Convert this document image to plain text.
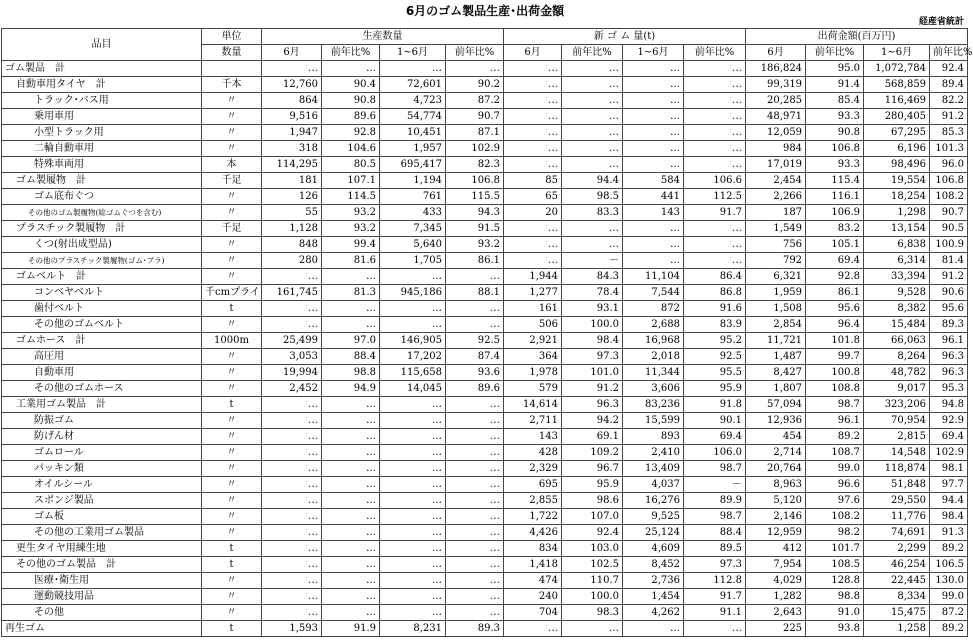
6月のゴム製品生産･出荷金額
経産省統計
品目	単位	生産数量				新 ゴ ム 量(t)				出荷金額(百万円)			
	数量	6月	前年比%	1~6月	前年比%	6月	前年比%	1~6月	前年比%	6月	前年比%	1~6月	前年比%
ゴム製品　計		…	…	…	…	…	…	…	…	186,824	95.0	1,072,784	92.4
自動車用タイヤ　計	千本	12,760	90.4	72,601	90.2	…	…	…	…	99,319	91.4	568,859	89.4
トラック･バス用	〃	864	90.8	4,723	87.2	…	…	…	…	20,285	85.4	116,469	82.2
乗用車用	〃	9,516	89.6	54,774	90.7	…	…	…	…	48,971	93.3	280,405	91.2
小型トラック用	〃	1,947	92.8	10,451	87.1	…	…	…	…	12,059	90.8	67,295	85.3
二輪自動車用	〃	318	104.6	1,957	102.9	…	…	…	…	984	106.8	6,196	101.3
特殊車両用	本	114,295	80.5	695,417	82.3	…	…	…	…	17,019	93.3	98,496	96.0
ゴム製履物　計	千足	181	107.1	1,194	106.8	85	94.4	584	106.6	2,454	115.4	19,554	106.8
ゴム底布ぐつ	〃	126	114.5	761	115.5	65	98.5	441	112.5	2,266	116.1	18,254	108.2
その他のゴム製履物(総ゴムぐつを含む)	〃	55	93.2	433	94.3	20	83.3	143	91.7	187	106.9	1,298	90.7
プラスチック製履物　計	千足	1,128	93.2	7,345	91.5	…	…	…	…	1,549	83.2	13,154	90.5
くつ(射出成型品)	〃	848	99.4	5,640	93.2	…	…	…	…	756	105.1	6,838	100.9
その他のプラスチック製履物(ゴム･プラ)	〃	280	81.6	1,705	86.1	…	－	…	…	792	69.4	6,314	81.4
ゴムベルト　計	〃	…	…	…	…	1,944	84.3	11,104	86.4	6,321	92.8	33,394	91.2
コンベヤベルト	千cmプライ	161,745	81.3	945,186	88.1	1,277	78.4	7,544	86.8	1,959	86.1	9,528	90.6
歯付ベルト	t	…	…	…	…	161	93.1	872	91.6	1,508	95.6	8,382	95.6
その他のゴムベルト	〃	…	…	…	…	506	100.0	2,688	83.9	2,854	96.4	15,484	89.3
ゴムホース　計	1000m	25,499	97.0	146,905	92.5	2,921	98.4	16,968	95.2	11,721	101.8	66,063	96.1
高圧用	〃	3,053	88.4	17,202	87.4	364	97.3	2,018	92.5	1,487	99.7	8,264	96.3
自動車用	〃	19,994	98.8	115,658	93.6	1,978	101.0	11,344	95.5	8,427	100.8	48,782	96.3
その他のゴムホース	〃	2,452	94.9	14,045	89.6	579	91.2	3,606	95.9	1,807	108.8	9,017	95.3
工業用ゴム製品　計	t	…	…	…	…	14,614	96.3	83,236	91.8	57,094	98.7	323,206	94.8
防振ゴム	〃	…	…	…	…	2,711	94.2	15,599	90.1	12,936	96.1	70,954	92.9
防げん材	〃	…	…	…	…	143	69.1	893	69.4	454	89.2	2,815	69.4
ゴムロール	〃	…	…	…	…	428	109.2	2,410	106.0	2,714	108.7	14,548	102.9
パッキン類	〃	…	…	…	…	2,329	96.7	13,409	98.7	20,764	99.0	118,874	98.1
オイルシール	〃	…	…	…	…	695	95.9	4,037	－	8,963	96.6	51,848	97.7
スポンジ製品	〃	…	…	…	…	2,855	98.6	16,276	89.9	5,120	97.6	29,550	94.4
ゴム板	〃	…	…	…	…	1,722	107.0	9,525	98.7	2,146	108.2	11,776	98.4
その他の工業用ゴム製品	〃	…	…	…	…	4,426	92.4	25,124	88.4	12,959	98.2	74,691	91.3
更生タイヤ用練生地	t	…	…	…	…	834	103.0	4,609	89.5	412	101.7	2,299	89.2
その他のゴム製品　計	t	…	…	…	…	1,418	102.5	8,452	97.3	7,954	108.5	46,254	106.5
医療･衛生用	〃	…	…	…	…	474	110.7	2,736	112.8	4,029	128.8	22,445	130.0
運動競技用品	〃	…	…	…	…	240	100.0	1,454	91.7	1,282	98.8	8,334	99.0
その他	〃	…	…	…	…	704	98.3	4,262	91.1	2,643	91.0	15,475	87.2
再生ゴム	t	1,593	91.9	8,231	89.3	…	…	…	…	225	93.8	1,258	89.2
